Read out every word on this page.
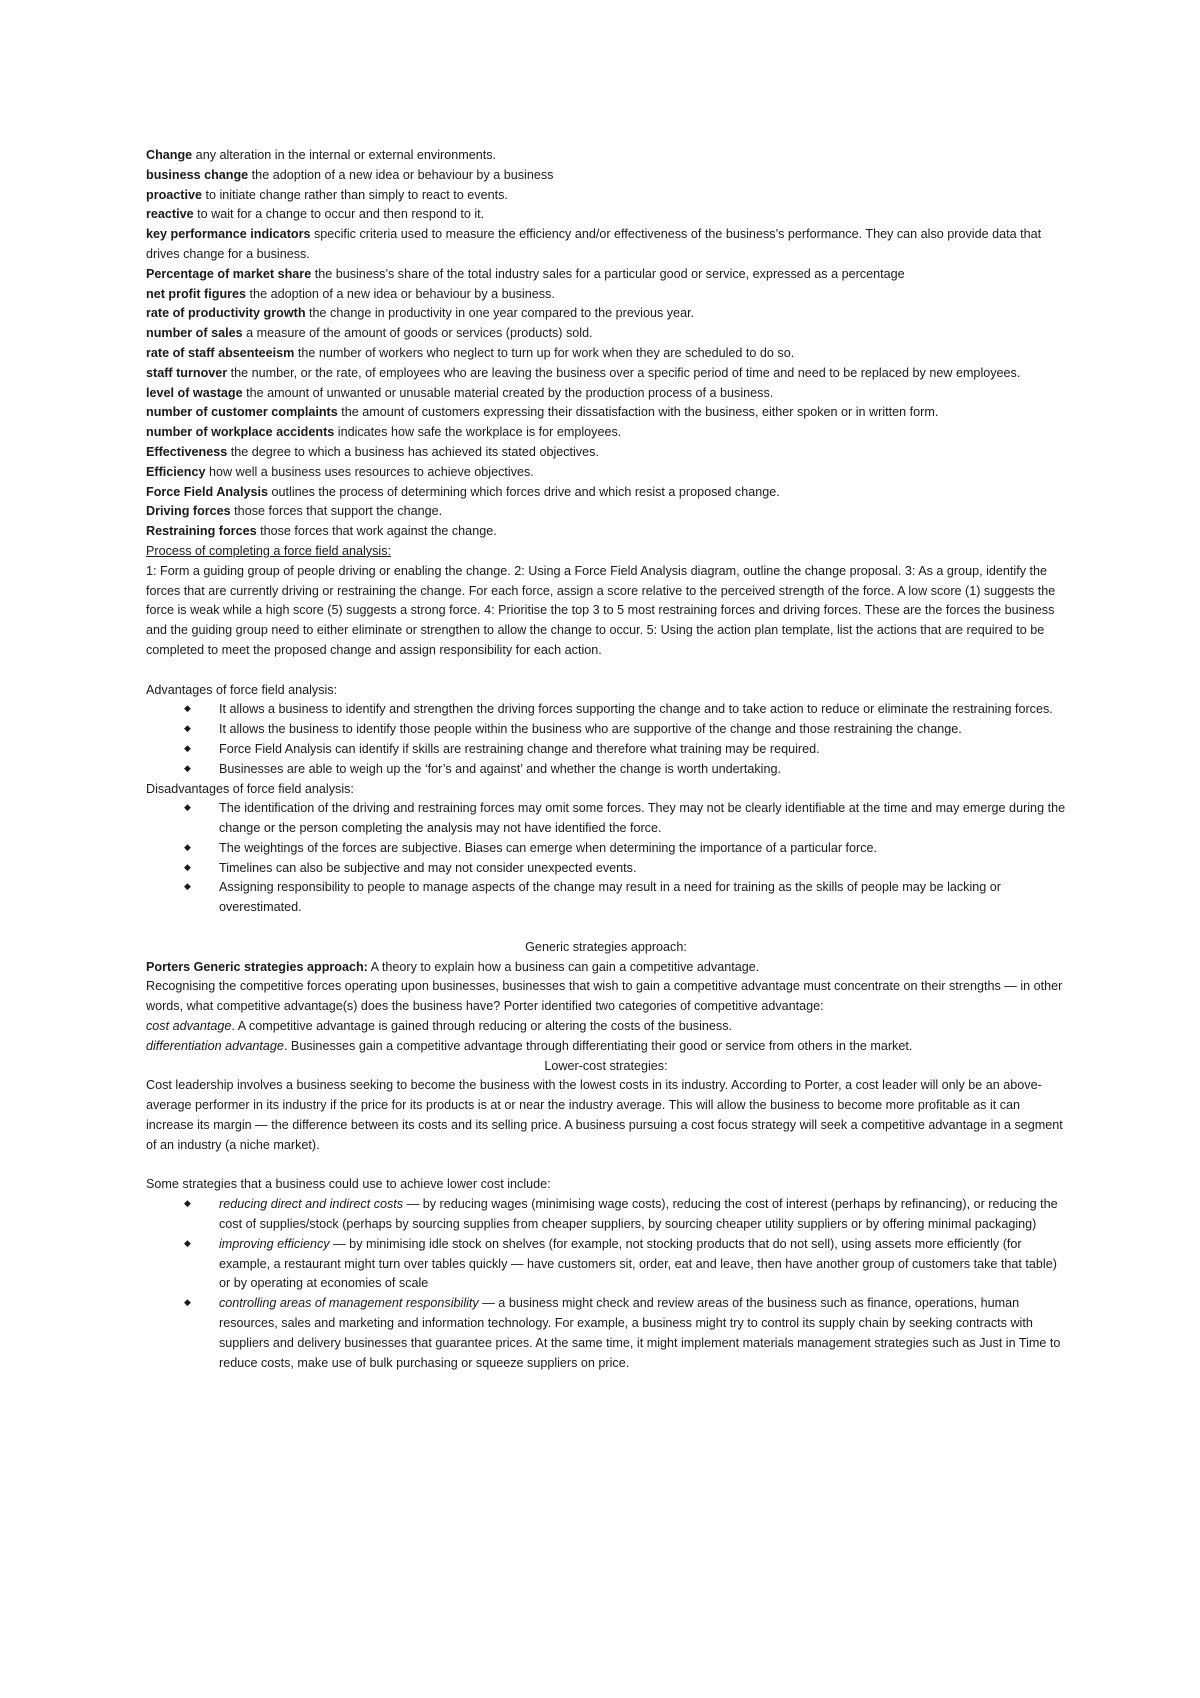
Change any alteration in the internal or external environments.

business change the adoption of a new idea or behaviour by a business

proactive to initiate change rather than simply to react to events.

reactive to wait for a change to occur and then respond to it.

key performance indicators specific criteria used to measure the efficiency and/or effectiveness of the business’s performance. They can also provide data that drives change for a business.

Percentage of market share the business’s share of the total industry sales for a particular good or service, expressed as a percentage

net profit figures the adoption of a new idea or behaviour by a business.

rate of productivity growth the change in productivity in one year compared to the previous year.

number of sales a measure of the amount of goods or services (products) sold.

rate of staff absenteeism the number of workers who neglect to turn up for work when they are scheduled to do so.

staff turnover the number, or the rate, of employees who are leaving the business over a specific period of time and need to be replaced by new employees.

level of wastage the amount of unwanted or unusable material created by the production process of a business.

number of customer complaints the amount of customers expressing their dissatisfaction with the business, either spoken or in written form.

number of workplace accidents indicates how safe the workplace is for employees.

Effectiveness the degree to which a business has achieved its stated objectives.

Efficiency how well a business uses resources to achieve objectives.

Force Field Analysis outlines the process of determining which forces drive and which resist a proposed change.

Driving forces those forces that support the change.

Restraining forces those forces that work against the change.

Process of completing a force field analysis:

1: Form a guiding group of people driving or enabling the change. 2: Using a Force Field Analysis diagram, outline the change proposal. 3: As a group, identify the forces that are currently driving or restraining the change. For each force, assign a score relative to the perceived strength of the force. A low score (1) suggests the force is weak while a high score (5) suggests a strong force. 4: Prioritise the top 3 to 5 most restraining forces and driving forces. These are the forces the business and the guiding group need to either eliminate or strengthen to allow the change to occur. 5: Using the action plan template, list the actions that are required to be completed to meet the proposed change and assign responsibility for each action.

Advantages of force field analysis:

◆ It allows a business to identify and strengthen the driving forces supporting the change and to take action to reduce or eliminate the restraining forces.
◆ It allows the business to identify those people within the business who are supportive of the change and those restraining the change.
◆ Force Field Analysis can identify if skills are restraining change and therefore what training may be required.
◆ Businesses are able to weigh up the ‘for’s and against’ and whether the change is worth undertaking.

Disadvantages of force field analysis:

◆ The identification of the driving and restraining forces may omit some forces. They may not be clearly identifiable at the time and may emerge during the change or the person completing the analysis may not have identified the force.
◆ The weightings of the forces are subjective. Biases can emerge when determining the importance of a particular force.
◆ Timelines can also be subjective and may not consider unexpected events.
◆ Assigning responsibility to people to manage aspects of the change may result in a need for training as the skills of people may be lacking or overestimated.

Generic strategies approach:

Porters Generic strategies approach: A theory to explain how a business can gain a competitive advantage.

Recognising the competitive forces operating upon businesses, businesses that wish to gain a competitive advantage must concentrate on their strengths — in other words, what competitive advantage(s) does the business have? Porter identified two categories of competitive advantage:

cost advantage. A competitive advantage is gained through reducing or altering the costs of the business.

differentiation advantage. Businesses gain a competitive advantage through differentiating their good or service from others in the market.

Lower-cost strategies:

Cost leadership involves a business seeking to become the business with the lowest costs in its industry. According to Porter, a cost leader will only be an above-average performer in its industry if the price for its products is at or near the industry average. This will allow the business to become more profitable as it can increase its margin — the difference between its costs and its selling price. A business pursuing a cost focus strategy will seek a competitive advantage in a segment of an industry (a niche market).

Some strategies that a business could use to achieve lower cost include:

◆ reducing direct and indirect costs — by reducing wages (minimising wage costs), reducing the cost of interest (perhaps by refinancing), or reducing the cost of supplies/stock (perhaps by sourcing supplies from cheaper suppliers, by sourcing cheaper utility suppliers or by offering minimal packaging)
◆ improving efficiency — by minimising idle stock on shelves (for example, not stocking products that do not sell), using assets more efficiently (for example, a restaurant might turn over tables quickly — have customers sit, order, eat and leave, then have another group of customers take that table) or by operating at economies of scale
◆ controlling areas of management responsibility — a business might check and review areas of the business such as finance, operations, human resources, sales and marketing and information technology. For example, a business might try to control its supply chain by seeking contracts with suppliers and delivery businesses that guarantee prices. At the same time, it might implement materials management strategies such as Just in Time to reduce costs, make use of bulk purchasing or squeeze suppliers on price.
